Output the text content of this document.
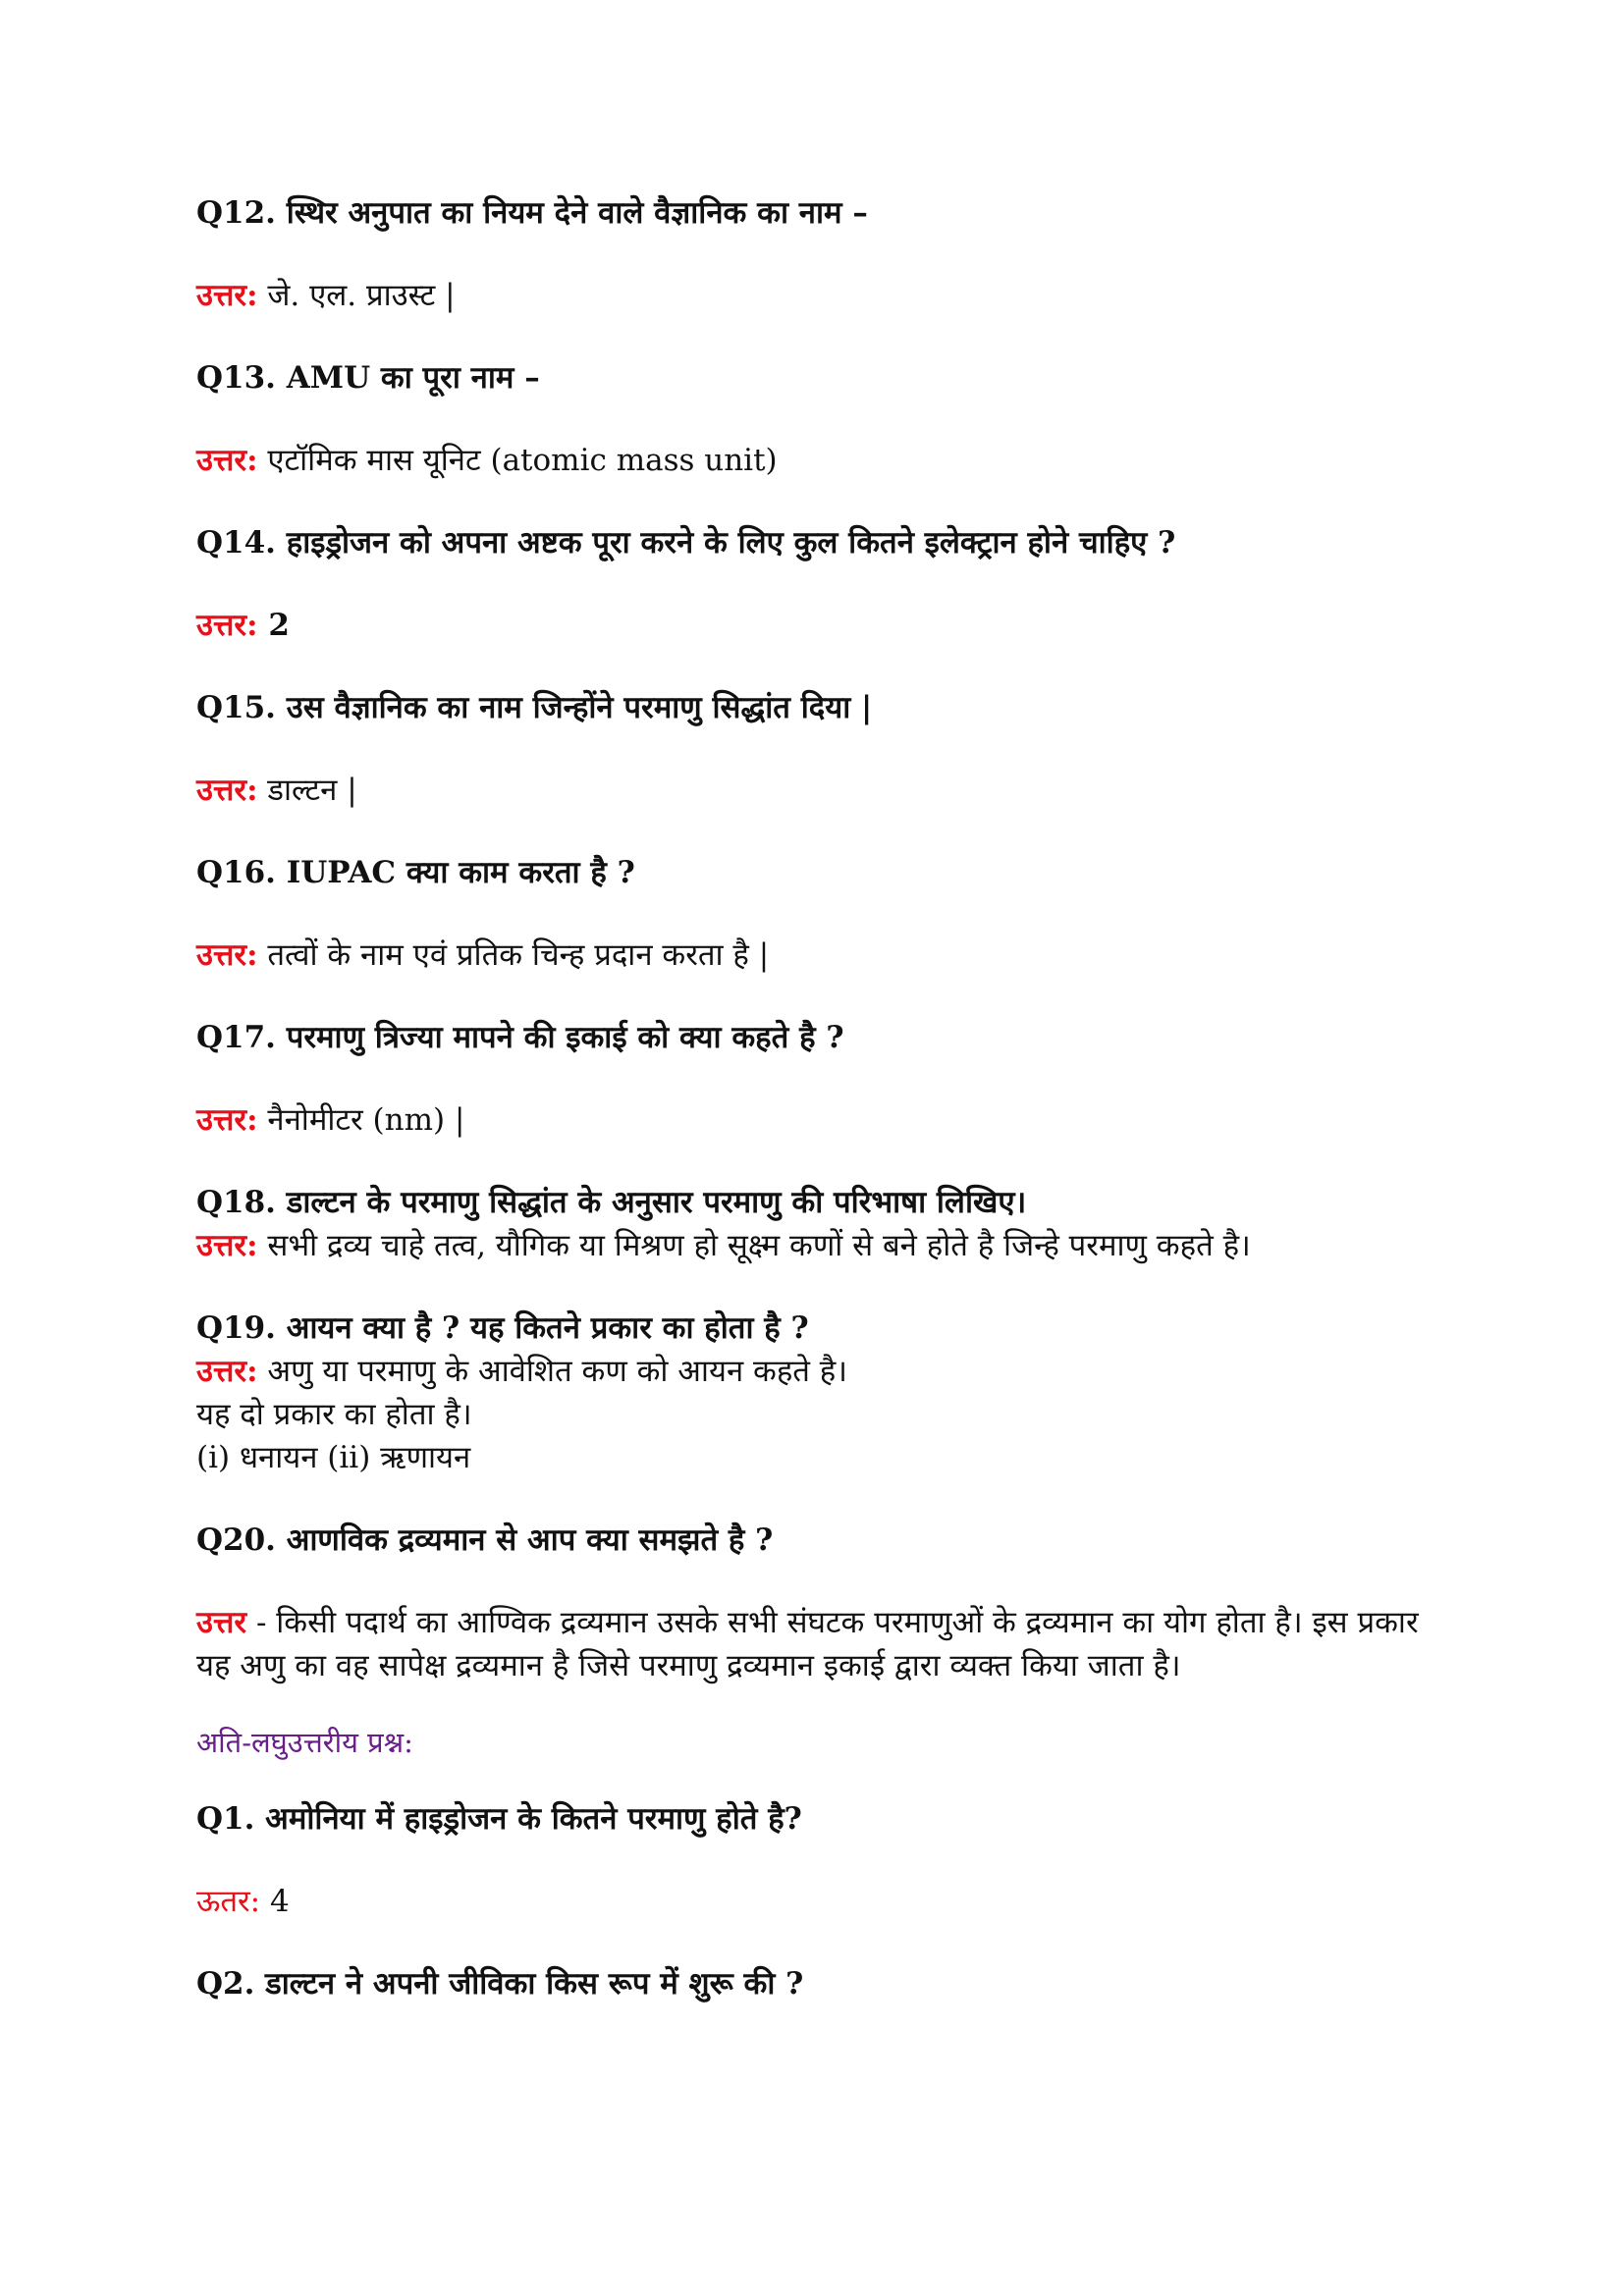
Q12. स्थिर अनुपात का नियम देने वाले वैज्ञानिक का नाम –

उत्तर: जे. एल. प्राउस्ट |

Q13. AMU का पूरा नाम –

उत्तर: एटॉमिक मास यूनिट (atomic mass unit)

Q14. हाइड्रोजन को अपना अष्टक पूरा करने के लिए कुल कितने इलेक्ट्रान होने चाहिए ?

उत्तर: 2

Q15. उस वैज्ञानिक का नाम जिन्होंने परमाणु सिद्धांत दिया |

उत्तर: डाल्टन |

Q16. IUPAC क्या काम करता है ?

उत्तर: तत्वों के नाम एवं प्रतिक चिन्ह प्रदान करता है |

Q17. परमाणु त्रिज्या मापने की इकाई को क्या कहते है ?

उत्तर: नैनोमीटर (nm) |

Q18. डाल्टन के परमाणु सिद्धांत के अनुसार परमाणु की परिभाषा लिखिए।

उत्तर: सभी द्रव्य चाहे तत्व, यौगिक या मिश्रण हो सूक्ष्म कणों से बने होते है जिन्हे परमाणु कहते है।

Q19. आयन क्या है ? यह कितने प्रकार का होता है ?

उत्तर: अणु या परमाणु के आवेशित कण को आयन कहते है।

यह दो प्रकार का होता है।

(i) धनायन (ii) ऋणायन

Q20. आणविक द्रव्यमान से आप क्या समझते है ?

उत्तर - किसी पदार्थ का आण्विक द्रव्यमान उसके सभी संघटक परमाणुओं के द्रव्यमान का योग होता है। इस प्रकार यह अणु का वह सापेक्ष द्रव्यमान है जिसे परमाणु द्रव्यमान इकाई द्वारा व्यक्त किया जाता है।

अति-लघुउत्तरीय प्रश्न:

Q1. अमोनिया में हाइड्रोजन के कितने परमाणु होते है?

ऊतर: 4

Q2. डाल्टन ने अपनी जीविका किस रूप में शुरू की ?
